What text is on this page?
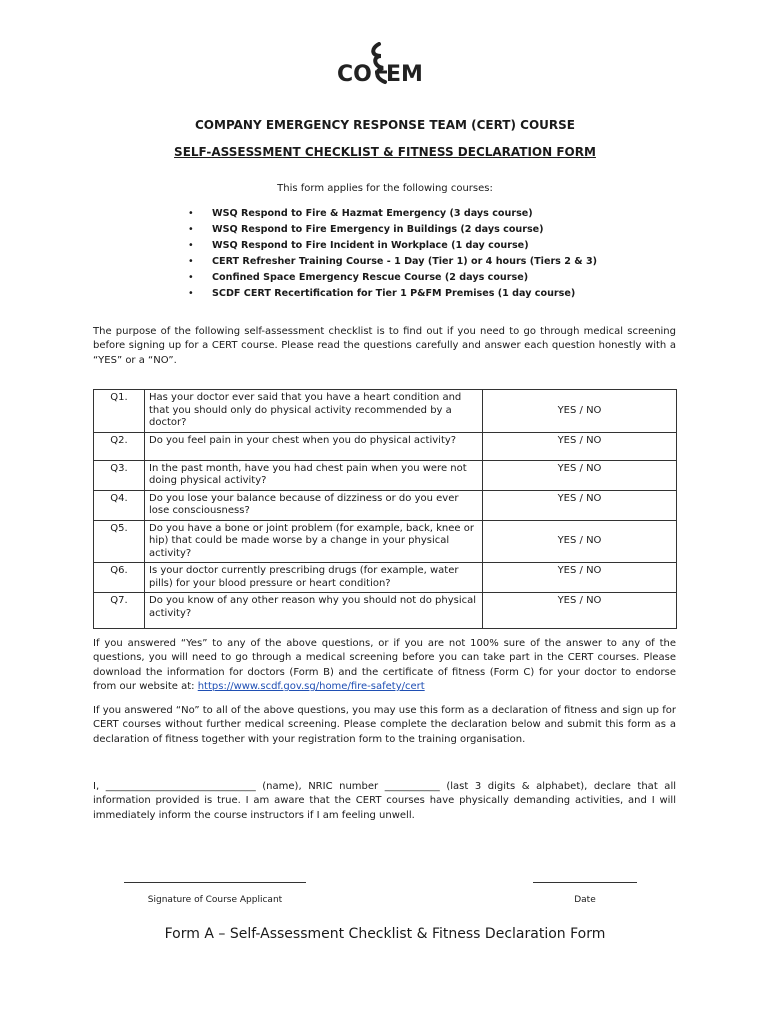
CO EM
COMPANY EMERGENCY RESPONSE TEAM (CERT) COURSE
SELF-ASSESSMENT CHECKLIST & FITNESS DECLARATION FORM
This form applies for the following courses:
• WSQ Respond to Fire & Hazmat Emergency (3 days course)
• WSQ Respond to Fire Emergency in Buildings (2 days course)
• WSQ Respond to Fire Incident in Workplace (1 day course)
• CERT Refresher Training Course - 1 Day (Tier 1) or 4 hours (Tiers 2 & 3)
• Confined Space Emergency Rescue Course (2 days course)
• SCDF CERT Recertification for Tier 1 P&FM Premises (1 day course)
The purpose of the following self-assessment checklist is to find out if you need to go through medical screening before signing up for a CERT course. Please read the questions carefully and answer each question honestly with a “YES” or a “NO”.
Q1.	Has your doctor ever said that you have a heart condition and that you should only do physical activity recommended by a doctor?	YES / NO
Q2.	Do you feel pain in your chest when you do physical activity?	YES / NO
Q3.	In the past month, have you had chest pain when you were not doing physical activity?	YES / NO
Q4.	Do you lose your balance because of dizziness or do you ever lose consciousness?	YES / NO
Q5.	Do you have a bone or joint problem (for example, back, knee or hip) that could be made worse by a change in your physical activity?	YES / NO
Q6.	Is your doctor currently prescribing drugs (for example, water pills) for your blood pressure or heart condition?	YES / NO
Q7.	Do you know of any other reason why you should not do physical activity?	YES / NO
If you answered “Yes” to any of the above questions, or if you are not 100% sure of the answer to any of the questions, you will need to go through a medical screening before you can take part in the CERT courses. Please download the information for doctors (Form B) and the certificate of fitness (Form C) for your doctor to endorse from our website at: https://www.scdf.gov.sg/home/fire-safety/cert
If you answered “No” to all of the above questions, you may use this form as a declaration of fitness and sign up for CERT courses without further medical screening. Please complete the declaration below and submit this form as a declaration of fitness together with your registration form to the training organisation.
I, ______________________________ (name), NRIC number ___________ (last 3 digits & alphabet), declare that all information provided is true. I am aware that the CERT courses have physically demanding activities, and I will immediately inform the course instructors if I am feeling unwell.
Signature of Course Applicant	Date
Form A – Self-Assessment Checklist & Fitness Declaration Form
